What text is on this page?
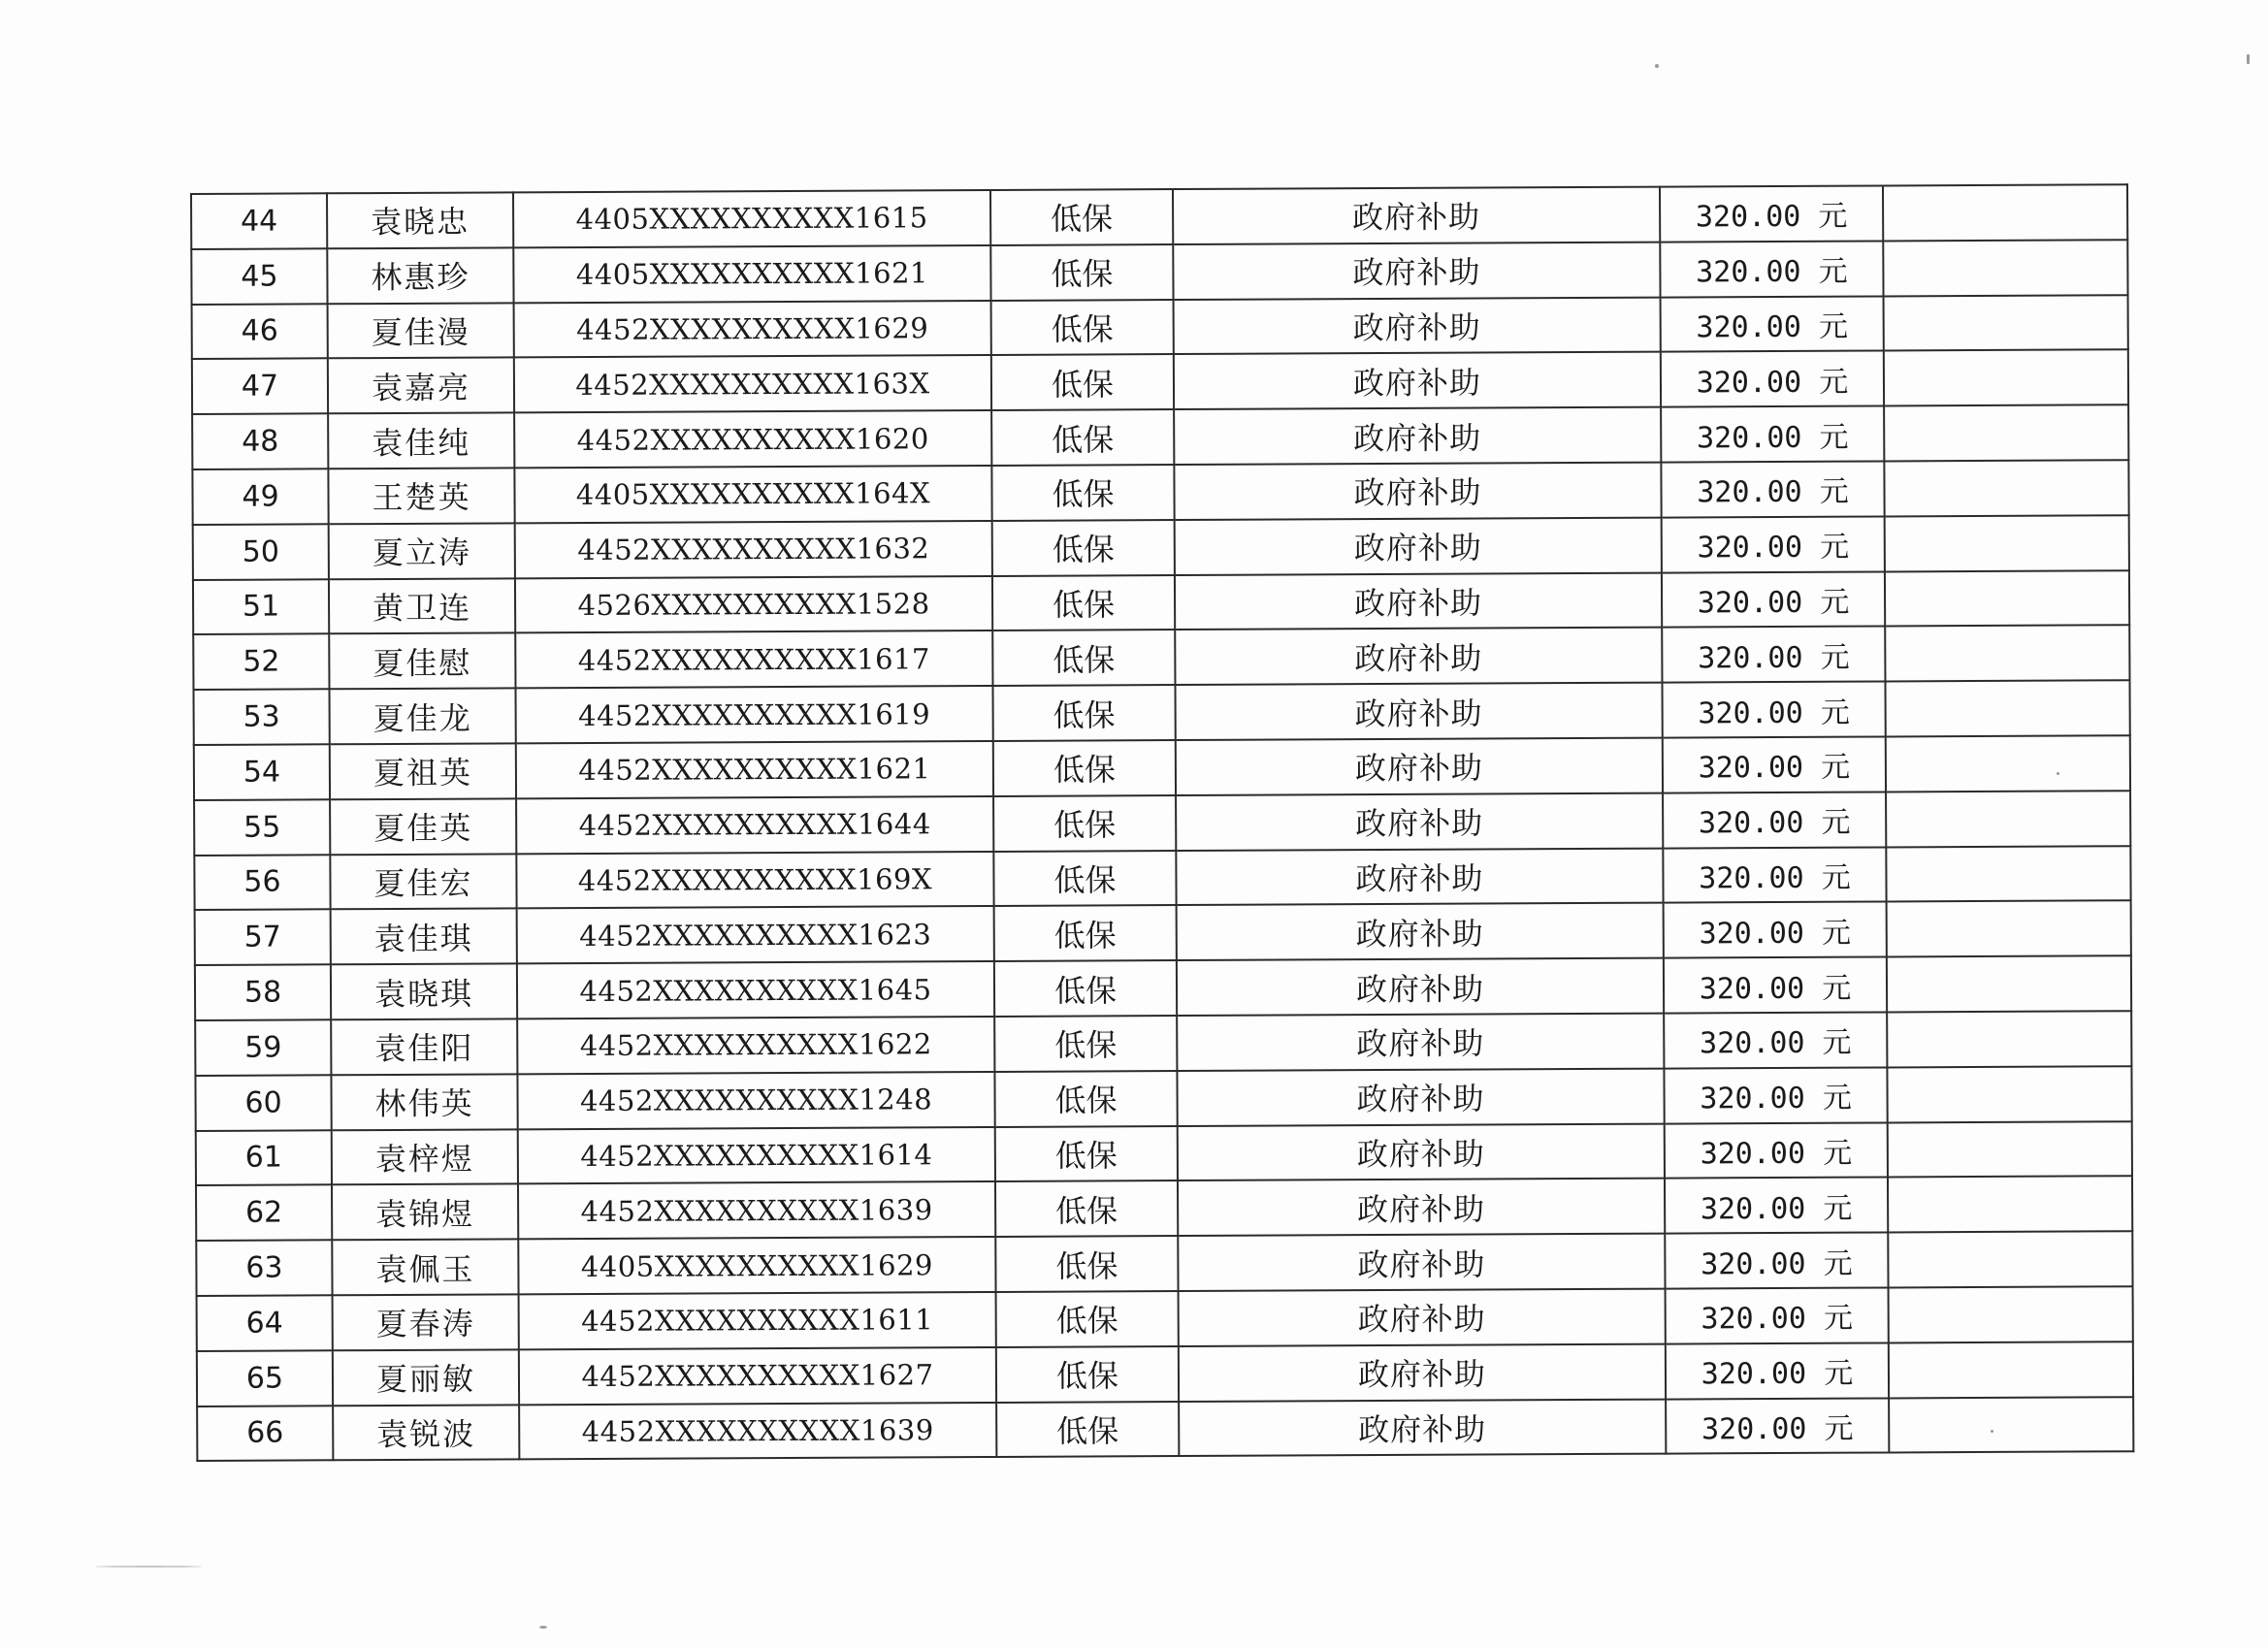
44	袁晓忠	4405XXXXXXXXXX1615	低保	政府补助	320.00 元	
45	林惠珍	4405XXXXXXXXXX1621	低保	政府补助	320.00 元	
46	夏佳漫	4452XXXXXXXXXX1629	低保	政府补助	320.00 元	
47	袁嘉亮	4452XXXXXXXXXX163X	低保	政府补助	320.00 元	
48	袁佳纯	4452XXXXXXXXXX1620	低保	政府补助	320.00 元	
49	王楚英	4405XXXXXXXXXX164X	低保	政府补助	320.00 元	
50	夏立涛	4452XXXXXXXXXX1632	低保	政府补助	320.00 元	
51	黄卫连	4526XXXXXXXXXX1528	低保	政府补助	320.00 元	
52	夏佳慰	4452XXXXXXXXXX1617	低保	政府补助	320.00 元	
53	夏佳龙	4452XXXXXXXXXX1619	低保	政府补助	320.00 元	
54	夏祖英	4452XXXXXXXXXX1621	低保	政府补助	320.00 元	
55	夏佳英	4452XXXXXXXXXX1644	低保	政府补助	320.00 元	
56	夏佳宏	4452XXXXXXXXXX169X	低保	政府补助	320.00 元	
57	袁佳琪	4452XXXXXXXXXX1623	低保	政府补助	320.00 元	
58	袁晓琪	4452XXXXXXXXXX1645	低保	政府补助	320.00 元	
59	袁佳阳	4452XXXXXXXXXX1622	低保	政府补助	320.00 元	
60	林伟英	4452XXXXXXXXXX1248	低保	政府补助	320.00 元	
61	袁梓煜	4452XXXXXXXXXX1614	低保	政府补助	320.00 元	
62	袁锦煜	4452XXXXXXXXXX1639	低保	政府补助	320.00 元	
63	袁佩玉	4405XXXXXXXXXX1629	低保	政府补助	320.00 元	
64	夏春涛	4452XXXXXXXXXX1611	低保	政府补助	320.00 元	
65	夏丽敏	4452XXXXXXXXXX1627	低保	政府补助	320.00 元	
66	袁锐波	4452XXXXXXXXXX1639	低保	政府补助	320.00 元	
